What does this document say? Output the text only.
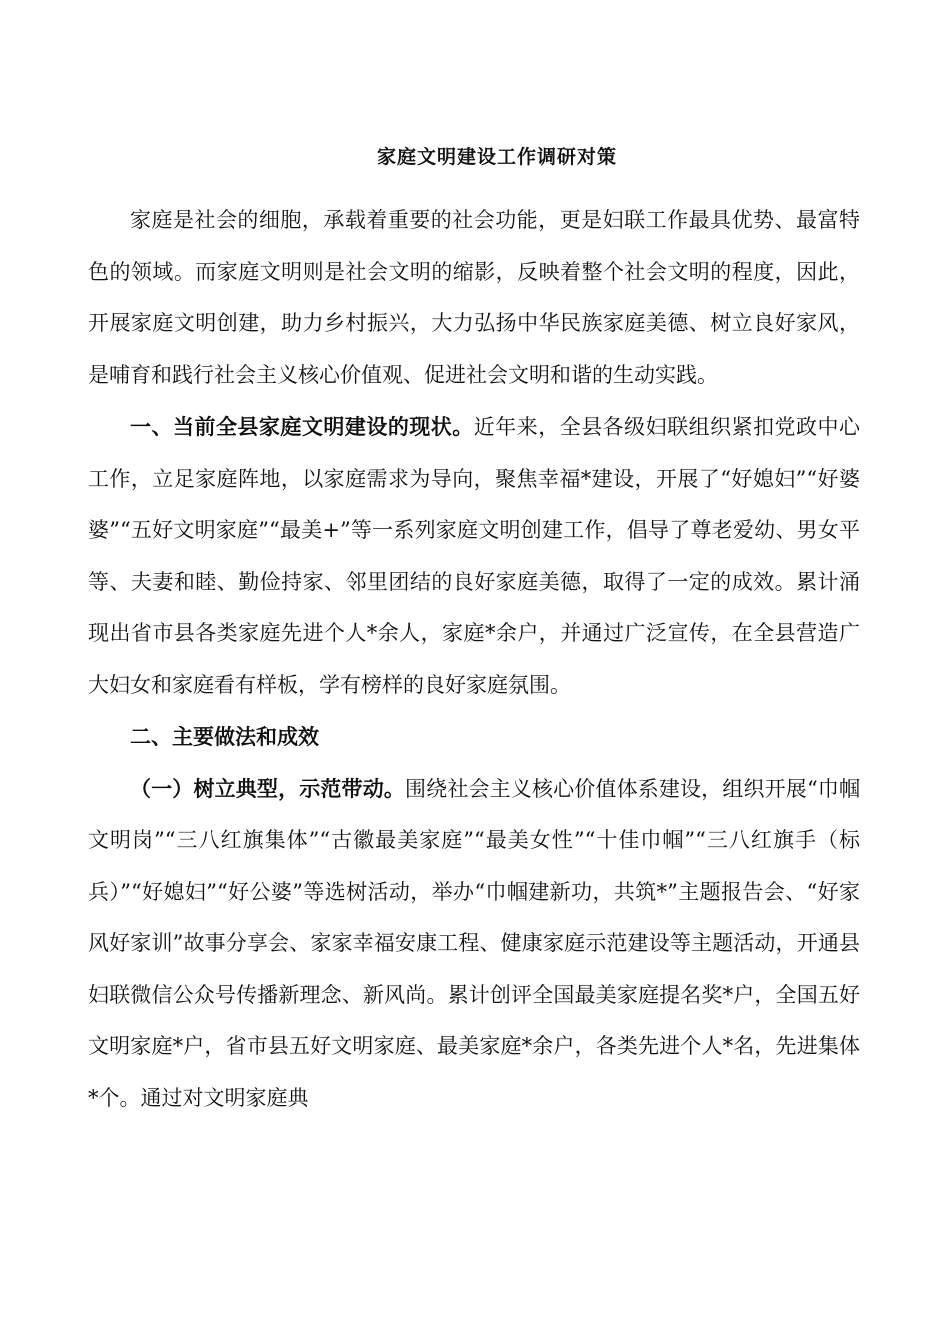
家庭文明建设工作调研对策

家庭是社会的细胞，承载着重要的社会功能，更是妇联工作最具优势、最富特色的领域。而家庭文明则是社会文明的缩影，反映着整个社会文明的程度，因此，开展家庭文明创建，助力乡村振兴，大力弘扬中华民族家庭美德、树立良好家风，是哺育和践行社会主义核心价值观、促进社会文明和谐的生动实践。

一、当前全县家庭文明建设的现状。近年来，全县各级妇联组织紧扣党政中心工作，立足家庭阵地，以家庭需求为导向，聚焦幸福*建设，开展了“好媳妇”“好婆婆”“五好文明家庭”“最美+”等一系列家庭文明创建工作，倡导了尊老爱幼、男女平等、夫妻和睦、勤俭持家、邻里团结的良好家庭美德，取得了一定的成效。累计涌现出省市县各类家庭先进个人*余人，家庭*余户，并通过广泛宣传，在全县营造广大妇女和家庭看有样板，学有榜样的良好家庭氛围。

二、主要做法和成效

（一）树立典型，示范带动。围绕社会主义核心价值体系建设，组织开展“巾帼文明岗”“三八红旗集体”“古徽最美家庭”“最美女性”“十佳巾帼”“三八红旗手（标兵）”“好媳妇”“好公婆”等选树活动，举办“巾帼建新功，共筑*”主题报告会、“好家风好家训”故事分享会、家家幸福安康工程、健康家庭示范建设等主题活动，开通县妇联微信公众号传播新理念、新风尚。累计创评全国最美家庭提名奖*户，全国五好文明家庭*户，省市县五好文明家庭、最美家庭*余户，各类先进个人*名，先进集体*个。通过对文明家庭典
